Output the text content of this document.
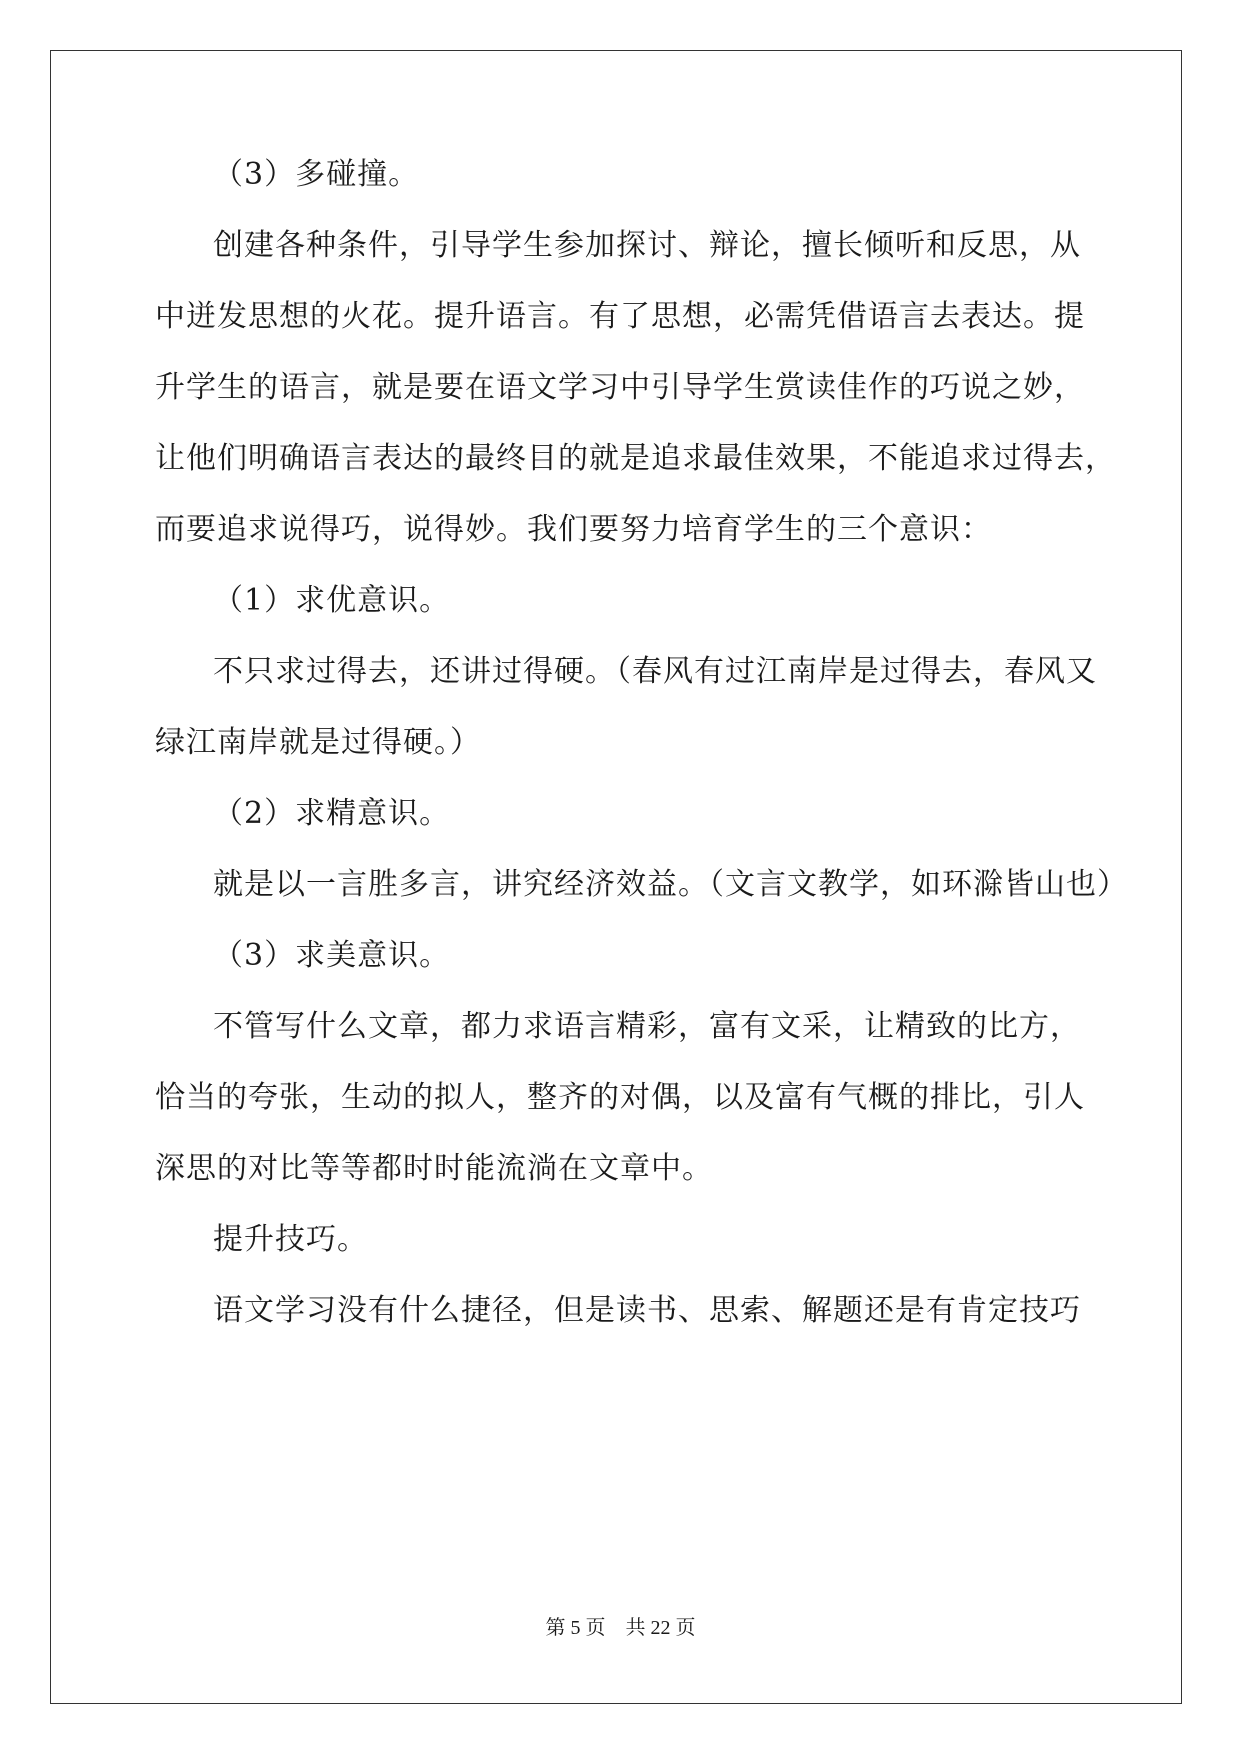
（3）多碰撞。
创建各种条件，引导学生参加探讨、辩论，擅长倾听和反思，从
中迸发思想的火花。提升语言。有了思想，必需凭借语言去表达。提
升学生的语言，就是要在语文学习中引导学生赏读佳作的巧说之妙，
让他们明确语言表达的最终目的就是追求最佳效果，不能追求过得去，
而要追求说得巧，说得妙。我们要努力培育学生的三个意识：
（1）求优意识。
不只求过得去，还讲过得硬。（春风有过江南岸是过得去，春风又
绿江南岸就是过得硬。）
（2）求精意识。
就是以一言胜多言，讲究经济效益。（文言文教学，如环滁皆山也）
（3）求美意识。
不管写什么文章，都力求语言精彩，富有文采，让精致的比方，
恰当的夸张，生动的拟人，整齐的对偶，以及富有气概的排比，引人
深思的对比等等都时时能流淌在文章中。
提升技巧。
语文学习没有什么捷径，但是读书、思索、解题还是有肯定技巧
第 5 页　共 22 页
